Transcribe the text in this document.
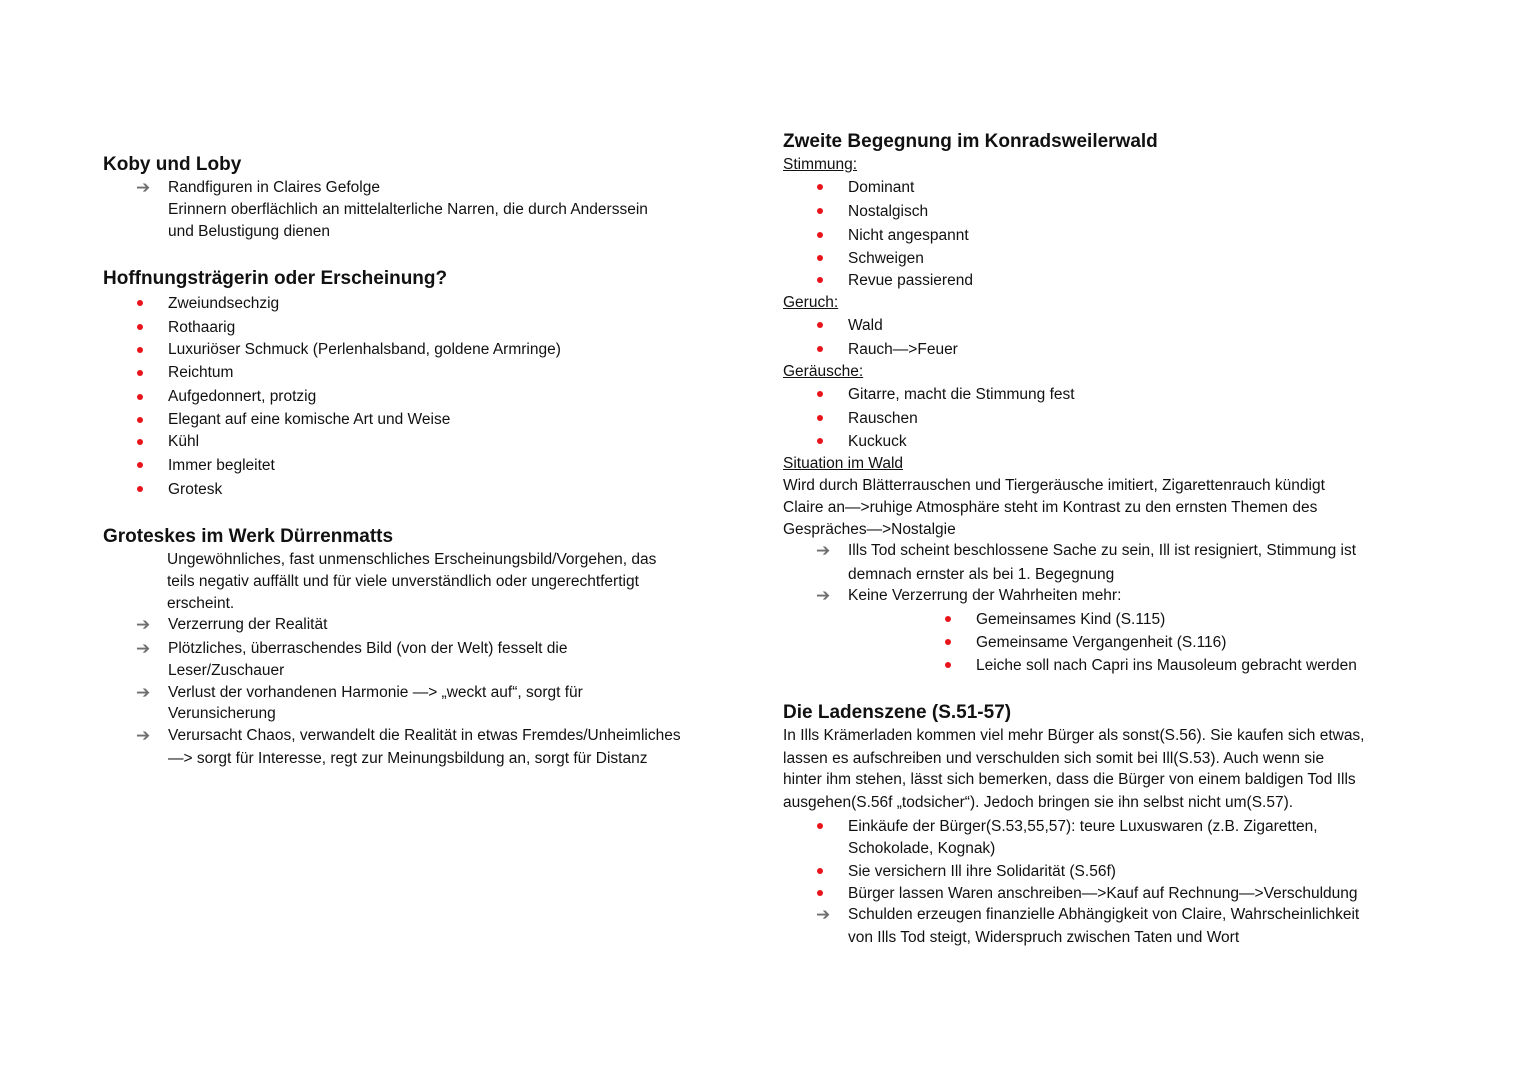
Koby und Loby
➔ Randfiguren in Claires Gefolge
Erinnern oberflächlich an mittelalterliche Narren, die durch Anderssein
und Belustigung dienen
Hoffnungsträgerin oder Erscheinung?
Zweiundsechzig
Rothaarig
Luxuriöser Schmuck (Perlenhalsband, goldene Armringe)
Reichtum
Aufgedonnert, protzig
Elegant auf eine komische Art und Weise
Kühl
Immer begleitet
Grotesk
Groteskes im Werk Dürrenmatts
Ungewöhnliches, fast unmenschliches Erscheinungsbild/Vorgehen, das
teils negativ auffällt und für viele unverständlich oder ungerechtfertigt
erscheint.
➔ Verzerrung der Realität
➔ Plötzliches, überraschendes Bild (von der Welt) fesselt die
Leser/Zuschauer
➔ Verlust der vorhandenen Harmonie —> „weckt auf“, sorgt für
Verunsicherung
➔ Verursacht Chaos, verwandelt die Realität in etwas Fremdes/Unheimliches
—> sorgt für Interesse, regt zur Meinungsbildung an, sorgt für Distanz
Zweite Begegnung im Konradsweilerwald
Stimmung:
Dominant
Nostalgisch
Nicht angespannt
Schweigen
Revue passierend
Geruch:
Wald
Rauch—>Feuer
Geräusche:
Gitarre, macht die Stimmung fest
Rauschen
Kuckuck
Situation im Wald
Wird durch Blätterrauschen und Tiergeräusche imitiert, Zigarettenrauch kündigt
Claire an—>ruhige Atmosphäre steht im Kontrast zu den ernsten Themen des
Gespräches—>Nostalgie
➔ Ills Tod scheint beschlossene Sache zu sein, Ill ist resigniert, Stimmung ist
demnach ernster als bei 1. Begegnung
➔ Keine Verzerrung der Wahrheiten mehr:
Gemeinsames Kind (S.115)
Gemeinsame Vergangenheit (S.116)
Leiche soll nach Capri ins Mausoleum gebracht werden
Die Ladenszene (S.51-57)
In Ills Krämerladen kommen viel mehr Bürger als sonst(S.56). Sie kaufen sich etwas,
lassen es aufschreiben und verschulden sich somit bei Ill(S.53). Auch wenn sie
hinter ihm stehen, lässt sich bemerken, dass die Bürger von einem baldigen Tod Ills
ausgehen(S.56f „todsicher“). Jedoch bringen sie ihn selbst nicht um(S.57).
Einkäufe der Bürger(S.53,55,57): teure Luxuswaren (z.B. Zigaretten,
Schokolade, Kognak)
Sie versichern Ill ihre Solidarität (S.56f)
Bürger lassen Waren anschreiben—>Kauf auf Rechnung—>Verschuldung
➔ Schulden erzeugen finanzielle Abhängigkeit von Claire, Wahrscheinlichkeit
von Ills Tod steigt, Widerspruch zwischen Taten und Wort
